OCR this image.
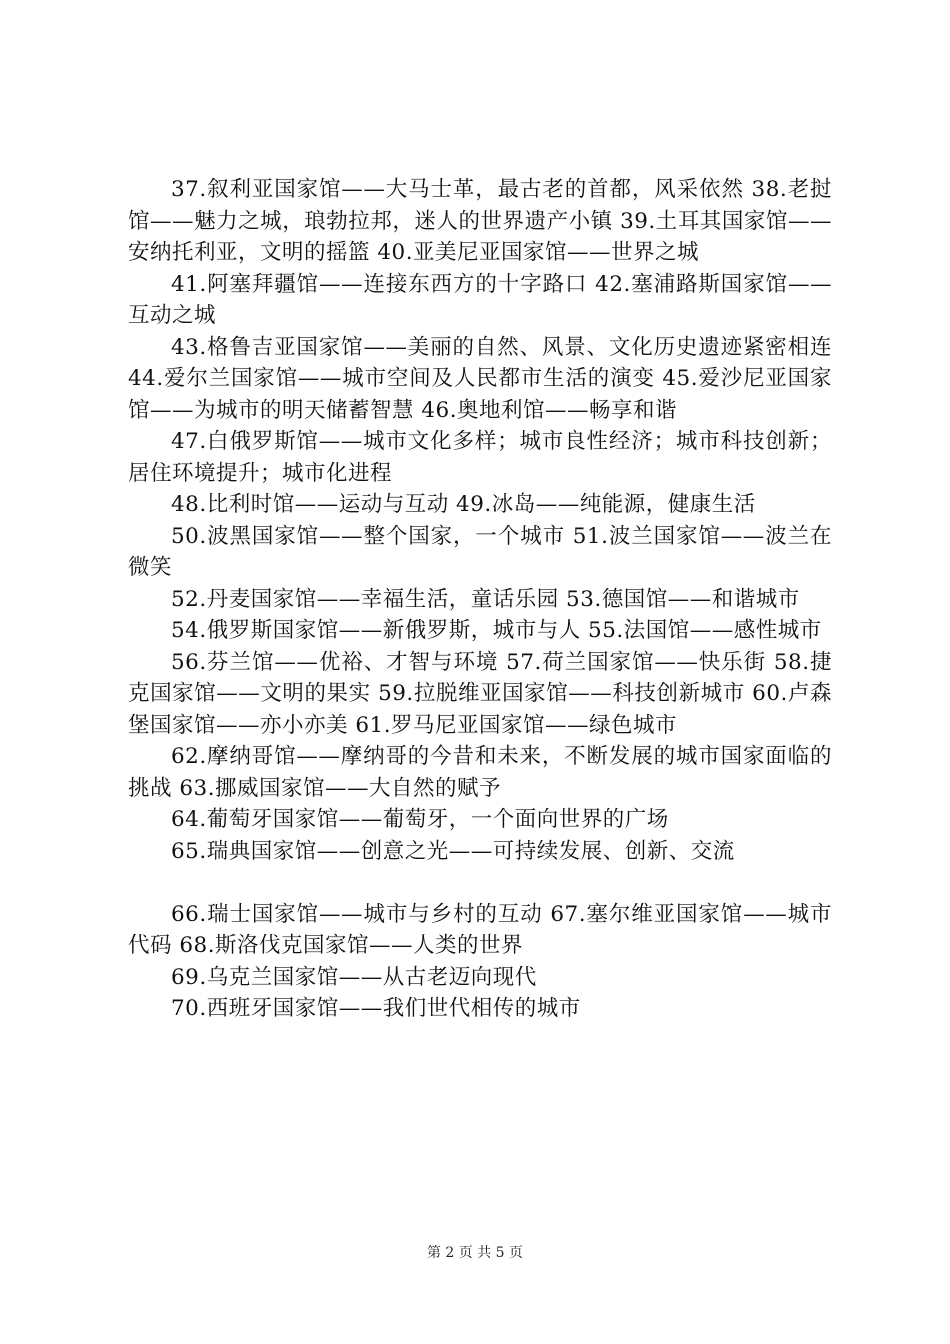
37.叙利亚国家馆——大马士革，最古老的首都，风采依然 38.老挝馆——魅力之城，琅勃拉邦，迷人的世界遗产小镇 39.土耳其国家馆——安纳托利亚，文明的摇篮 40.亚美尼亚国家馆——世界之城

41.阿塞拜疆馆——连接东西方的十字路口 42.塞浦路斯国家馆——互动之城

43.格鲁吉亚国家馆——美丽的自然、风景、文化历史遗迹紧密相连 44.爱尔兰国家馆——城市空间及人民都市生活的演变 45.爱沙尼亚国家馆——为城市的明天储蓄智慧 46.奥地利馆——畅享和谐

47.白俄罗斯馆——城市文化多样；城市良性经济；城市科技创新；居住环境提升；城市化进程

48.比利时馆——运动与互动 49.冰岛——纯能源，健康生活

50.波黑国家馆——整个国家，一个城市 51.波兰国家馆——波兰在微笑

52.丹麦国家馆——幸福生活，童话乐园 53.德国馆——和谐城市

54.俄罗斯国家馆——新俄罗斯，城市与人 55.法国馆——感性城市

56.芬兰馆——优裕、才智与环境 57.荷兰国家馆——快乐街 58.捷克国家馆——文明的果实 59.拉脱维亚国家馆——科技创新城市 60.卢森堡国家馆——亦小亦美 61.罗马尼亚国家馆——绿色城市

62.摩纳哥馆——摩纳哥的今昔和未来，不断发展的城市国家面临的挑战 63.挪威国家馆——大自然的赋予

64.葡萄牙国家馆——葡萄牙，一个面向世界的广场

65.瑞典国家馆——创意之光——可持续发展、创新、交流

66.瑞士国家馆——城市与乡村的互动 67.塞尔维亚国家馆——城市代码 68.斯洛伐克国家馆——人类的世界

69.乌克兰国家馆——从古老迈向现代

70.西班牙国家馆——我们世代相传的城市

第 2 页 共 5 页
